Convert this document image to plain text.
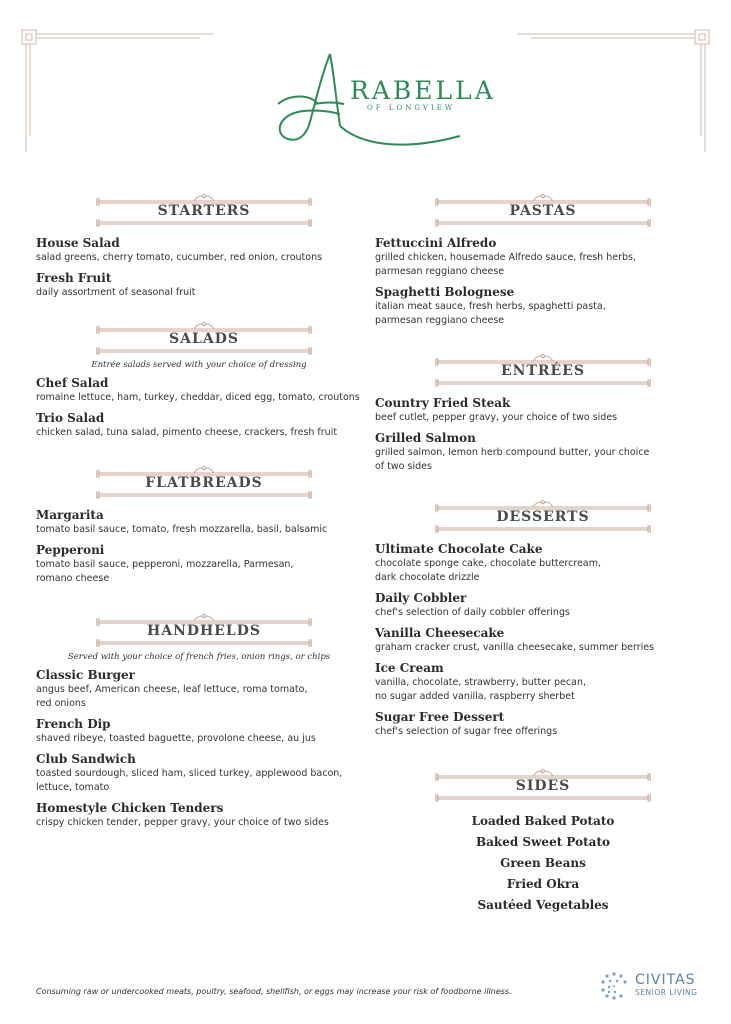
RABELLA
OF LONGVIEW
STARTERS
House Salad
salad greens, cherry tomato, cucumber, red onion, croutons
Fresh Fruit
daily assortment of seasonal fruit
SALADS
Entrée salads served with your choice of dressing
Chef Salad
romaine lettuce, ham, turkey, cheddar, diced egg, tomato, croutons
Trio Salad
chicken salad, tuna salad, pimento cheese, crackers, fresh fruit
FLATBREADS
Margarita
tomato basil sauce, tomato, fresh mozzarella, basil, balsamic
Pepperoni
tomato basil sauce, pepperoni, mozzarella, Parmesan,
romano cheese
HANDHELDS
Served with your choice of french fries, onion rings, or chips
Classic Burger
angus beef, American cheese, leaf lettuce, roma tomato,
red onions
French Dip
shaved ribeye, toasted baguette, provolone cheese, au jus
Club Sandwich
toasted sourdough, sliced ham, sliced turkey, applewood bacon,
lettuce, tomato
Homestyle Chicken Tenders
crispy chicken tender, pepper gravy, your choice of two sides
PASTAS
Fettuccini Alfredo
grilled chicken, housemade Alfredo sauce, fresh herbs,
parmesan reggiano cheese
Spaghetti Bolognese
italian meat sauce, fresh herbs, spaghetti pasta,
parmesan reggiano cheese
ENTRÉES
Country Fried Steak
beef cutlet, pepper gravy, your choice of two sides
Grilled Salmon
grilled salmon, lemon herb compound butter, your choice
of two sides
DESSERTS
Ultimate Chocolate Cake
chocolate sponge cake, chocolate buttercream,
dark chocolate drizzle
Daily Cobbler
chef's selection of daily cobbler offerings
Vanilla Cheesecake
graham cracker crust, vanilla cheesecake, summer berries
Ice Cream
vanilla, chocolate, strawberry, butter pecan,
no sugar added vanilla, raspberry sherbet
Sugar Free Dessert
chef's selection of sugar free offerings
SIDES
Loaded Baked Potato
Baked Sweet Potato
Green Beans
Fried Okra
Sautéed Vegetables
Consuming raw or undercooked meats, poultry, seafood, shellfish, or eggs may increase your risk of foodborne illness.
CIVITAS
SENIOR LIVING
